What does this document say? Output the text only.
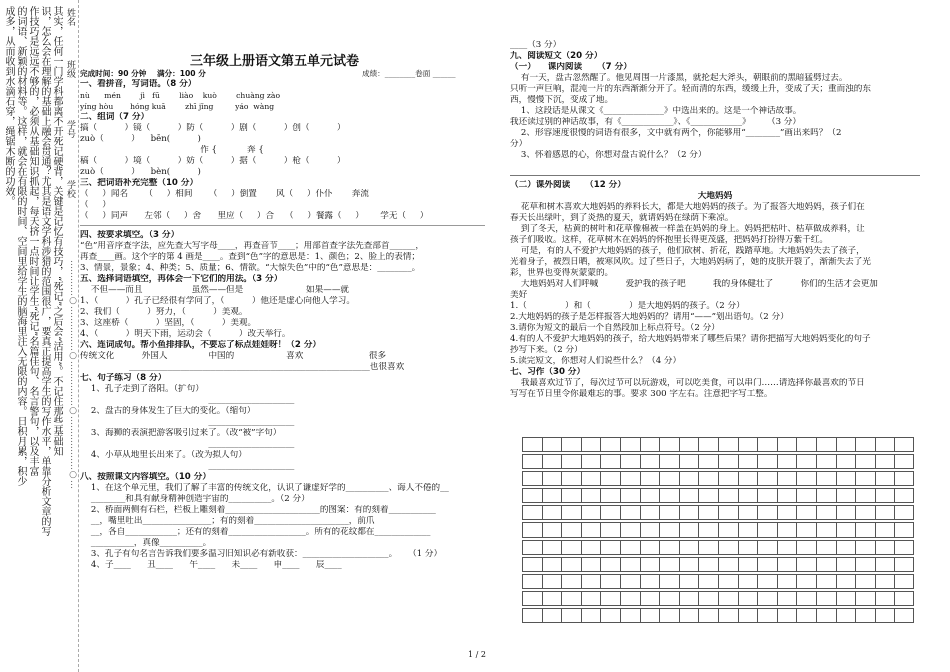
成多，从而收到水滴石穿，绳锯木断的功效。 的词语、新颖的材料等。这样，就会在有限的时间、空间里给学生的脑海里注入无限的内容。日积月累，积少 作技巧是远远不够的，必须从基础知识抓起，每天挤一点时间让学生“死记”名篇佳句、名言警句，以及丰富 识，怎么会在理解的基础上融会贯通？尤其是语文学科涉猎的范围很广，要真正提高学生的写作水平，单靠分析文章的写 其实，任何一门学科都离不开死记硬背，关键是记忆有技巧，“死记”之后会“活用”。不记住那些基础知 姓名
班级
学号
学校
…………○……………○……………○………………○…
三年级上册语文第五单元试卷
完成时间：90 分钟    满分：100 分	成绩：________卷面 ______
一、看拼音，写词语。（8 分）
nù      mén        jì   fū        liào    kuò        chuàng zào
yíng hòu       hóng kuā        zhī jǐng         yáo  wàng
二、组词（7 分）
搞（          ）镜（          ）防（          ）剧（          ）创（          ）
zuò（          ）    bēn(          )
作 {           奔 {
稿（          ）境（          ）妨（          ）据（          ）枪（          ）
zuò（          ）    bèn(          )
三、把词语补充完整（10 分）
（     ）闻名      （     ）相间      （     ）倒置       风（     ）仆仆       奔流
（     ）
（     ）同声      左邻（     ）舍      里应（     ）合    （     ）餐露（     ）      学无（     ）
四、按要求填空。（3 分）
“色”用音序查字法，应先查大写字母____，再查音节____；用部首查字法先查部首______，
再查____画。这个字的第 4 画是____。查到“色”字的意思是：1、颜色；2、脸上的表情；
3、情景，景象；4、种类；5、质量；6、情欲。“大惊失色”中的“色”意思是：________。
五、选择词语填空，再体会一下它们的用法。（3 分）
不但——而且                  虽然——但是                       如果——就
1、（          ）孔子已经很有学问了，（          ）他还是虚心向他人学习。
2、我们（          ）努力，（          ）美观。
3、这座桥（          ）坚固，（          ）美观。
4、（          ）明天下雨，运动会（          ）改天举行。
六、连词成句。帮小鱼排排队，不要忘了标点娃娃呀！（2 分）
传统文化          外国人               中国的                   喜欢                        很多
________________________________________________________也很喜欢
七、句子练习（8 分）
1、孔子走到了洛阳。（扩句）
____________________
2、盘古的身体发生了巨大的变化。（缩句）
____________________
3、海狮的表演把游客吸引过来了。（改“被”字句）
____________________
4、小草从地里长出来了。（改为拟人句）
____________________
八、按照课文内容填空。（10 分）
1、在这个单元里，我们了解了丰富的传统文化，认识了谦虚好学的__________、诲人不倦的__
________和具有献身精神创造宇宙的__________。（2 分）
2、桥面两侧有石栏，栏板上雕刻着______________________的图案：有的刻着___________
__，嘴里吐出________________；有的刻着______________________，前爪
__，各自____________；还有的刻着__________________。所有的花纹都在_____________
__________，真像__________。
3、孔子有句名言告诉我们要多温习旧知识必有新收获：____________________。    （1 分）
4、子____      丑____      午____      未____      申____      辰____
____（3 分）
九、阅读短文（20 分）
（一）    课内阅读     （7 分）
有一天，盘古忽然醒了。他见周围一片漆黑，就抡起大斧头，朝眼前的黑暗猛劈过去。
只听一声巨响，混沌一片的东西渐渐分开了。轻而清的东西，缓缓上升，变成了天；重而浊的东
西，慢慢下沉，变成了地。
1、这段话是从课文《______________》中选出来的。这是一个神话故事。
我还读过别的神话故事，有《____________》、《____________》      （3 分）
2、形容速度很慢的词语有很多，文中就有两个，你能够用“________”画出来吗？（2
分）
3、怀着感恩的心，你想对盘古说什么？（2 分）
（二）课外阅读     （12 分）
大地妈妈
花草和树木喜欢大地妈妈的养料长大，都是大地妈妈的孩子。为了报答大地妈妈，孩子们在
春天长出绿叶，到了炎热的夏天，就请妈妈在绿荫下乘凉。
到了冬天，枯黄的树叶和花草像棉被一样盖在妈妈的身上。妈妈把枯叶、枯草做成养料，让
孩子们吸收。这样，花草树木在妈妈的怀抱里长得更茂盛，把妈妈打扮得万紫千红。
可是，有的人不爱护大地妈妈的孩子，他们砍树、折花，践踏草地。大地妈妈失去了孩子，
光着身子，被烈日晒，被寒风吹。过了些日子，大地妈妈病了，她的皮肤开裂了，渐渐失去了光
彩，世界也变得灰蒙蒙的。
大地妈妈对人们呼喊          爱护我的孩子吧          我的身体健壮了          你们的生活才会更加
美好
1.（              ）和（              ）是大地妈妈的孩子。（2 分）
2.大地妈妈的孩子是怎样报答大地妈妈的？请用“——”划出语句。（2 分）
3.请你为短文的最后一个自然段加上标点符号。（2 分）
4.有的人不爱护大地妈妈的孩子，给大地妈妈带来了哪些后果？请你把描写大地妈妈变化的句子
抄写下来。（2 分）
5.读完短文，你想对人们说些什么？（4 分）
七、习作（30 分）
我最喜欢过节了，每次过节可以玩游戏，可以吃美食，可以串门……请选择你最喜欢的节日
写写在节日里令你最难忘的事。要求 300 字左右。注意把字写工整。
1 / 2
